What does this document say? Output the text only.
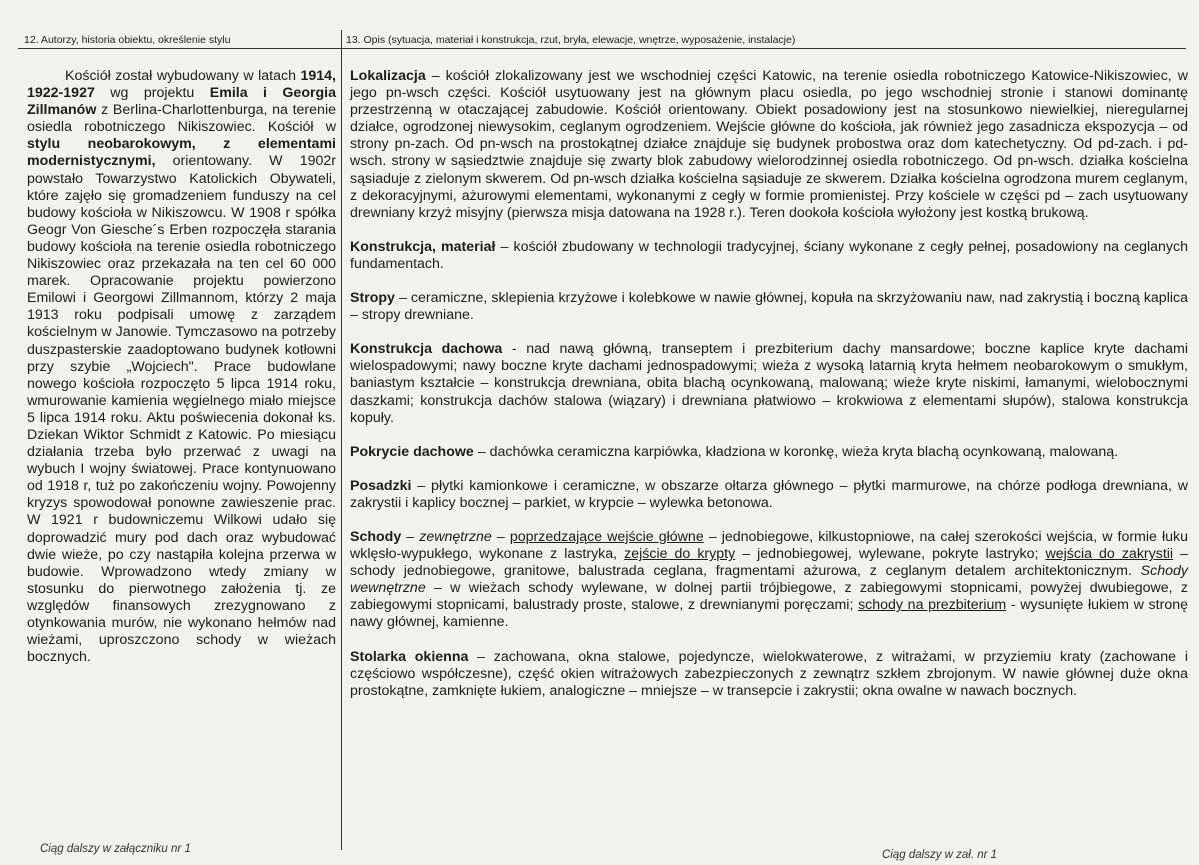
12. Autorzy, historia obiektu, określenie stylu	13. Opis (sytuacja, materiał i konstrukcja, rzut, bryła, elewacje, wnętrze, wyposażenie, instalacje)

Kościół został wybudowany w latach 1914, 1922-1927 wg projektu Emila i Georgia Zillmanów z Berlina-Charlottenburga, na terenie osiedla robotniczego Nikiszowiec. Kościół w stylu neobarokowym, z elementami modernistycznymi, orientowany. W 1902r powstało Towarzystwo Katolickich Obywateli, które zajęło się gromadzeniem funduszy na cel budowy kościoła w Nikiszowcu. W 1908 r spółka Geogr Von Giesche´s Erben rozpoczęła starania budowy kościoła na terenie osiedla robotniczego Nikiszowiec oraz przekazała na ten cel 60 000 marek. Opracowanie projektu powierzono Emilowi i Georgowi Zillmannom, którzy 2 maja 1913 roku podpisali umowę z zarządem kościelnym w Janowie. Tymczasowo na potrzeby duszpasterskie zaadoptowano budynek kotłowni przy szybie „Wojciech". Prace budowlane nowego kościoła rozpoczęto 5 lipca 1914 roku, wmurowanie kamienia węgielnego miało miejsce 5 lipca 1914 roku. Aktu poświecenia dokonał ks. Dziekan Wiktor Schmidt z Katowic. Po miesiącu działania trzeba było przerwać z uwagi na wybuch I wojny światowej. Prace kontynuowano od 1918 r, tuż po zakończeniu wojny. Powojenny kryzys spowodował ponowne zawieszenie prac. W 1921 r budowniczemu Wilkowi udało się doprowadzić mury pod dach oraz wybudować dwie wieże, po czy nastąpiła kolejna przerwa w budowie. Wprowadzono wtedy zmiany w stosunku do pierwotnego założenia tj. ze względów finansowych zrezygnowano z otynkowania murów, nie wykonano hełmów nad wieżami, uproszczono schody w wieżach bocznych.

Lokalizacja – kościół zlokalizowany jest we wschodniej części Katowic, na terenie osiedla robotniczego Katowice-Nikiszowiec, w jego pn-wsch części. Kościół usytuowany jest na głównym placu osiedla, po jego wschodniej stronie i stanowi dominantę przestrzenną w otaczającej zabudowie. Kościół orientowany. Obiekt posadowiony jest na stosunkowo niewielkiej, nieregularnej działce, ogrodzonej niewysokim, ceglanym ogrodzeniem. Wejście główne do kościoła, jak również jego zasadnicza ekspozycja – od strony pn-zach. Od pn-wsch na prostokątnej działce znajduje się budynek probostwa oraz dom katechetyczny. Od pd-zach. i pd-wsch. strony w sąsiedztwie znajduje się zwarty blok zabudowy wielorodzinnej osiedla robotniczego. Od pn-wsch. działka kościelna sąsiaduje z zielonym skwerem. Od pn-wsch działka kościelna sąsiaduje ze skwerem. Działka kościelna ogrodzona murem ceglanym, z dekoracyjnymi, ażurowymi elementami, wykonanymi z cegły w formie promienistej. Przy kościele w części pd – zach usytuowany drewniany krzyż misyjny (pierwsza misja datowana na 1928 r.). Teren dookoła kościoła wyłożony jest kostką brukową.
Konstrukcja, materiał – kościół zbudowany w technologii tradycyjnej, ściany wykonane z cegły pełnej, posadowiony na ceglanych fundamentach.
Stropy – ceramiczne, sklepienia krzyżowe i kolebkowe w nawie głównej, kopuła na skrzyżowaniu naw, nad zakrystią i boczną kaplica – stropy drewniane.
Konstrukcja dachowa - nad nawą główną, transeptem i prezbiterium dachy mansardowe; boczne kaplice kryte dachami wielospadowymi; nawy boczne kryte dachami jednospadowymi; wieża z wysoką latarnią kryta hełmem neobarokowym o smukłym, baniastym kształcie – konstrukcja drewniana, obita blachą ocynkowaną, malowaną; wieże kryte niskimi, łamanymi, wielobocznymi daszkami; konstrukcja dachów stalowa (wiązary) i drewniana płatwiowo – krokwiowa z elementami słupów), stalowa konstrukcja kopuły.
Pokrycie dachowe – dachówka ceramiczna karpiówka, kładziona w koronkę, wieża kryta blachą ocynkowaną, malowaną.
Posadzki – płytki kamionkowe i ceramiczne, w obszarze ołtarza głównego – płytki marmurowe, na chórze podłoga drewniana, w zakrystii i kaplicy bocznej – parkiet, w krypcie – wylewka betonowa.
Schody – zewnętrzne – poprzedzające wejście główne – jednobiegowe, kilkustopniowe, na całej szerokości wejścia, w formie łuku wklęsło-wypukłego, wykonane z lastryka, zejście do krypty – jednobiegowej, wylewane, pokryte lastryko; wejścia do zakrystii – schody jednobiegowe, granitowe, balustrada ceglana, fragmentami ażurowa, z ceglanym detalem architektonicznym. Schody wewnętrzne – w wieżach schody wylewane, w dolnej partii trójbiegowe, z zabiegowymi stopnicami, powyżej dwubiegowe, z zabiegowymi stopnicami, balustrady proste, stalowe, z drewnianymi poręczami; schody na prezbiterium - wysunięte łukiem w stronę nawy głównej, kamienne.
Stolarka okienna – zachowana, okna stalowe, pojedyncze, wielokwaterowe, z witrażami, w przyziemiu kraty (zachowane i częściowo współczesne), część okien witrażowych zabezpieczonych z zewnątrz szkłem zbrojonym. W nawie głównej duże okna prostokątne, zamknięte łukiem, analogiczne – mniejsze – w transepcie i zakrystii; okna owalne w nawach bocznych.
Ciąg dalszy w załączniku nr 1	Ciąg dalszy w zał. nr 1
